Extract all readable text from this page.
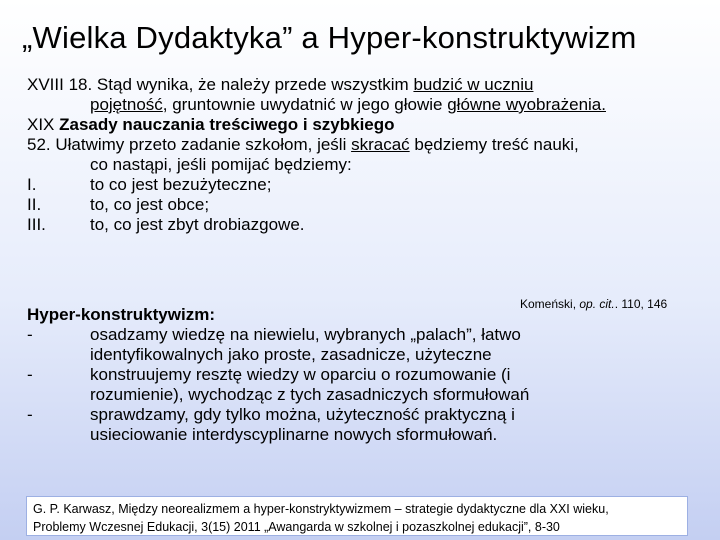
„Wielka Dydaktyka” a Hyper-konstruktywizm
XVIII 18. Stąd wynika, że należy przede wszystkim budzić w uczniu
pojętność, gruntownie uwydatnić w jego głowie główne wyobrażenia.
XIX Zasady nauczania treściwego i szybkiego
52. Ułatwimy przeto zadanie szkołom, jeśli skracać będziemy treść nauki,
co nastąpi, jeśli pomijać będziemy:
I.	to co jest bezużyteczne;
II.	to, co jest obce;
III.	to, co jest zbyt drobiazgowe.
Komeński, op. cit.. 110, 146
Hyper-konstruktywizm:
-	osadzamy wiedzę na niewielu, wybranych „palach”, łatwo
identyfikowalnych jako proste, zasadnicze, użyteczne
-	konstruujemy resztę wiedzy w oparciu o rozumowanie (i
rozumienie), wychodząc z tych zasadniczych sformułowań
-	sprawdzamy, gdy tylko można, użyteczność praktyczną i
usieciowanie interdyscyplinarne nowych sformułowań.
G. P. Karwasz, Między neorealizmem a hyper-konstryktywizmem – strategie dydaktyczne dla XXI wieku,
Problemy Wczesnej Edukacji, 3(15) 2011 „Awangarda w szkolnej i pozaszkolnej edukacji”, 8-30
